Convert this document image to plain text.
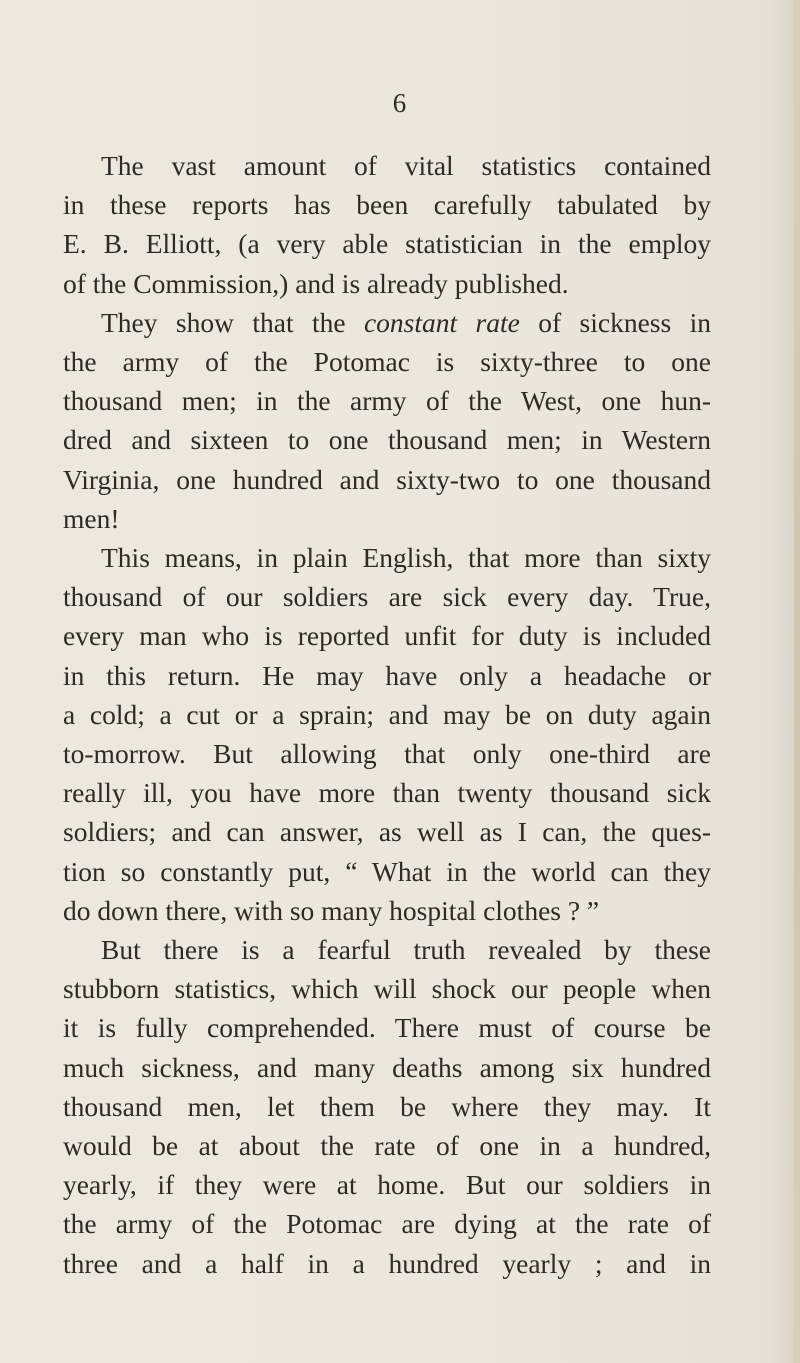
6
The vast amount of vital statistics contained
in these reports has been carefully tabulated by
E. B. Elliott, (a very able statistician in the employ
of the Commission,) and is already published.
They show that the constant rate of sickness in
the army of the Potomac is sixty-three to one
thousand men; in the army of the West, one hun-
dred and sixteen to one thousand men; in Western
Virginia, one hundred and sixty-two to one thousand
men!
This means, in plain English, that more than sixty
thousand of our soldiers are sick every day. True,
every man who is reported unfit for duty is included
in this return. He may have only a headache or
a cold; a cut or a sprain; and may be on duty again
to-morrow. But allowing that only one-third are
really ill, you have more than twenty thousand sick
soldiers; and can answer, as well as I can, the ques-
tion so constantly put, “ What in the world can they
do down there, with so many hospital clothes ? ”
But there is a fearful truth revealed by these
stubborn statistics, which will shock our people when
it is fully comprehended. There must of course be
much sickness, and many deaths among six hundred
thousand men, let them be where they may. It
would be at about the rate of one in a hundred,
yearly, if they were at home. But our soldiers in
the army of the Potomac are dying at the rate of
three and a half in a hundred yearly ; and in
